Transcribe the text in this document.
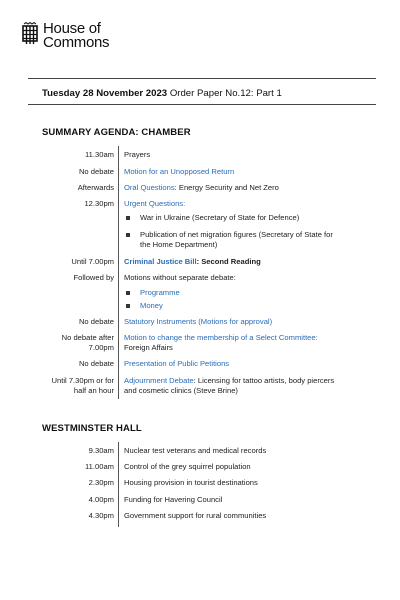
House of
Commons
Tuesday 28 November 2023 Order Paper No.12: Part 1
SUMMARY AGENDA: CHAMBER
11.30am Prayers
No debate Motion for an Unopposed Return
Afterwards Oral Questions: Energy Security and Net Zero
12.30pm Urgent Questions:
War in Ukraine (Secretary of State for Defence)
Publication of net migration figures (Secretary of State for
the Home Department)
Until 7.00pm Criminal Justice Bill: Second Reading
Followed by Motions without separate debate:
Programme
Money
No debate Statutory Instruments (Motions for approval)
No debate after
7.00pm
Motion to change the membership of a Select Committee:
Foreign Affairs
No debate Presentation of Public Petitions
Until 7.30pm or for
half an hour
Adjournment Debate: Licensing for tattoo artists, body piercers
and cosmetic clinics (Steve Brine)
WESTMINSTER HALL
9.30am Nuclear test veterans and medical records
11.00am Control of the grey squirrel population
2.30pm Housing provision in tourist destinations
4.00pm Funding for Havering Council
4.30pm Government support for rural communities
